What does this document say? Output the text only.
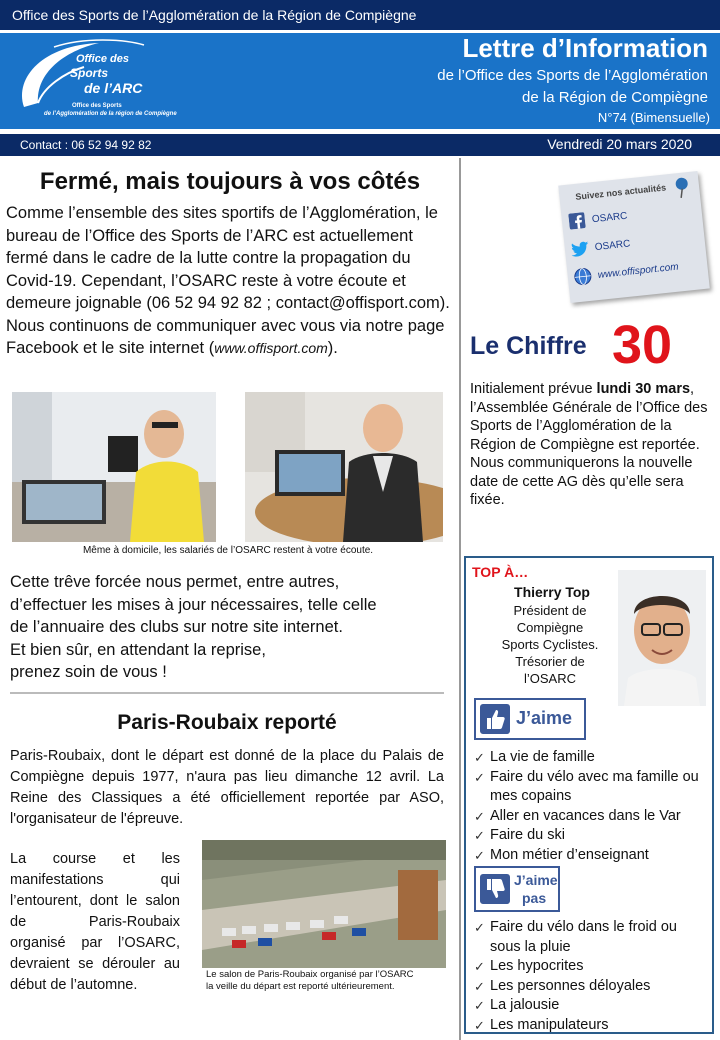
Office des Sports de l’Agglomération de la Région de Compiègne
Office des
Sports
de l’ARC
Office des Sports
de l’Agglomération de la région de Compiègne
Lettre d’Information
de l’Office des Sports de l’Agglomération
de la Région de Compiègne
N°74 (Bimensuelle)
Contact : 06 52 94 92 82	Vendredi 20 mars 2020
Fermé, mais toujours à vos côtés
Comme l’ensemble des sites sportifs de l’Agglomération, le bureau de l’Office des Sports de l’ARC est actuellement fermé dans le cadre de la lutte contre la propagation du Covid-19. Cependant, l’OSARC reste à votre écoute et demeure joignable (06 52 94 92 82 ; contact@offisport.com). Nous continuons de communiquer avec vous via notre page Facebook et le site internet (www.offisport.com).
Même à domicile, les salariés de l’OSARC restent à votre écoute.
Cette trêve forcée nous permet, entre autres,
d’effectuer les mises à jour nécessaires, telle celle
de l’annuaire des clubs sur notre site internet.
Et bien sûr, en attendant la reprise,
prenez soin de vous !
Paris-Roubaix reporté
Paris-Roubaix, dont le départ est donné de la place du Palais de Compiègne depuis 1977, n'aura pas lieu dimanche 12 avril. La Reine des Classiques a été officiellement reportée par ASO, l'organisateur de l'épreuve.
La course et les manifestations qui l’entourent, dont le salon de Paris-Roubaix organisé par l’OSARC, devraient se dérouler au début de l’automne.
Le salon de Paris-Roubaix organisé par l’OSARC
la veille du départ est reporté ultérieurement.
Suivez nos actualités
OSARC
OSARC
www.offisport.com
Le Chiffre 30
Initialement prévue lundi 30 mars, l’Assemblée Générale de l’Office des Sports de l’Agglomération de la Région de Compiègne est reportée. Nous communiquerons la nouvelle date de cette AG dès qu’elle sera fixée.
TOP À…
Thierry Top
Président de
Compiègne
Sports Cyclistes.
Trésorier de
l’OSARC
J’aime
✓ La vie de famille
✓ Faire du vélo avec ma famille ou mes copains
✓ Aller en vacances dans le Var
✓ Faire du ski
✓ Mon métier d’enseignant
J’aime
pas
✓ Faire du vélo dans le froid ou sous la pluie
✓ Les hypocrites
✓ Les personnes déloyales
✓ La jalousie
✓ Les manipulateurs
